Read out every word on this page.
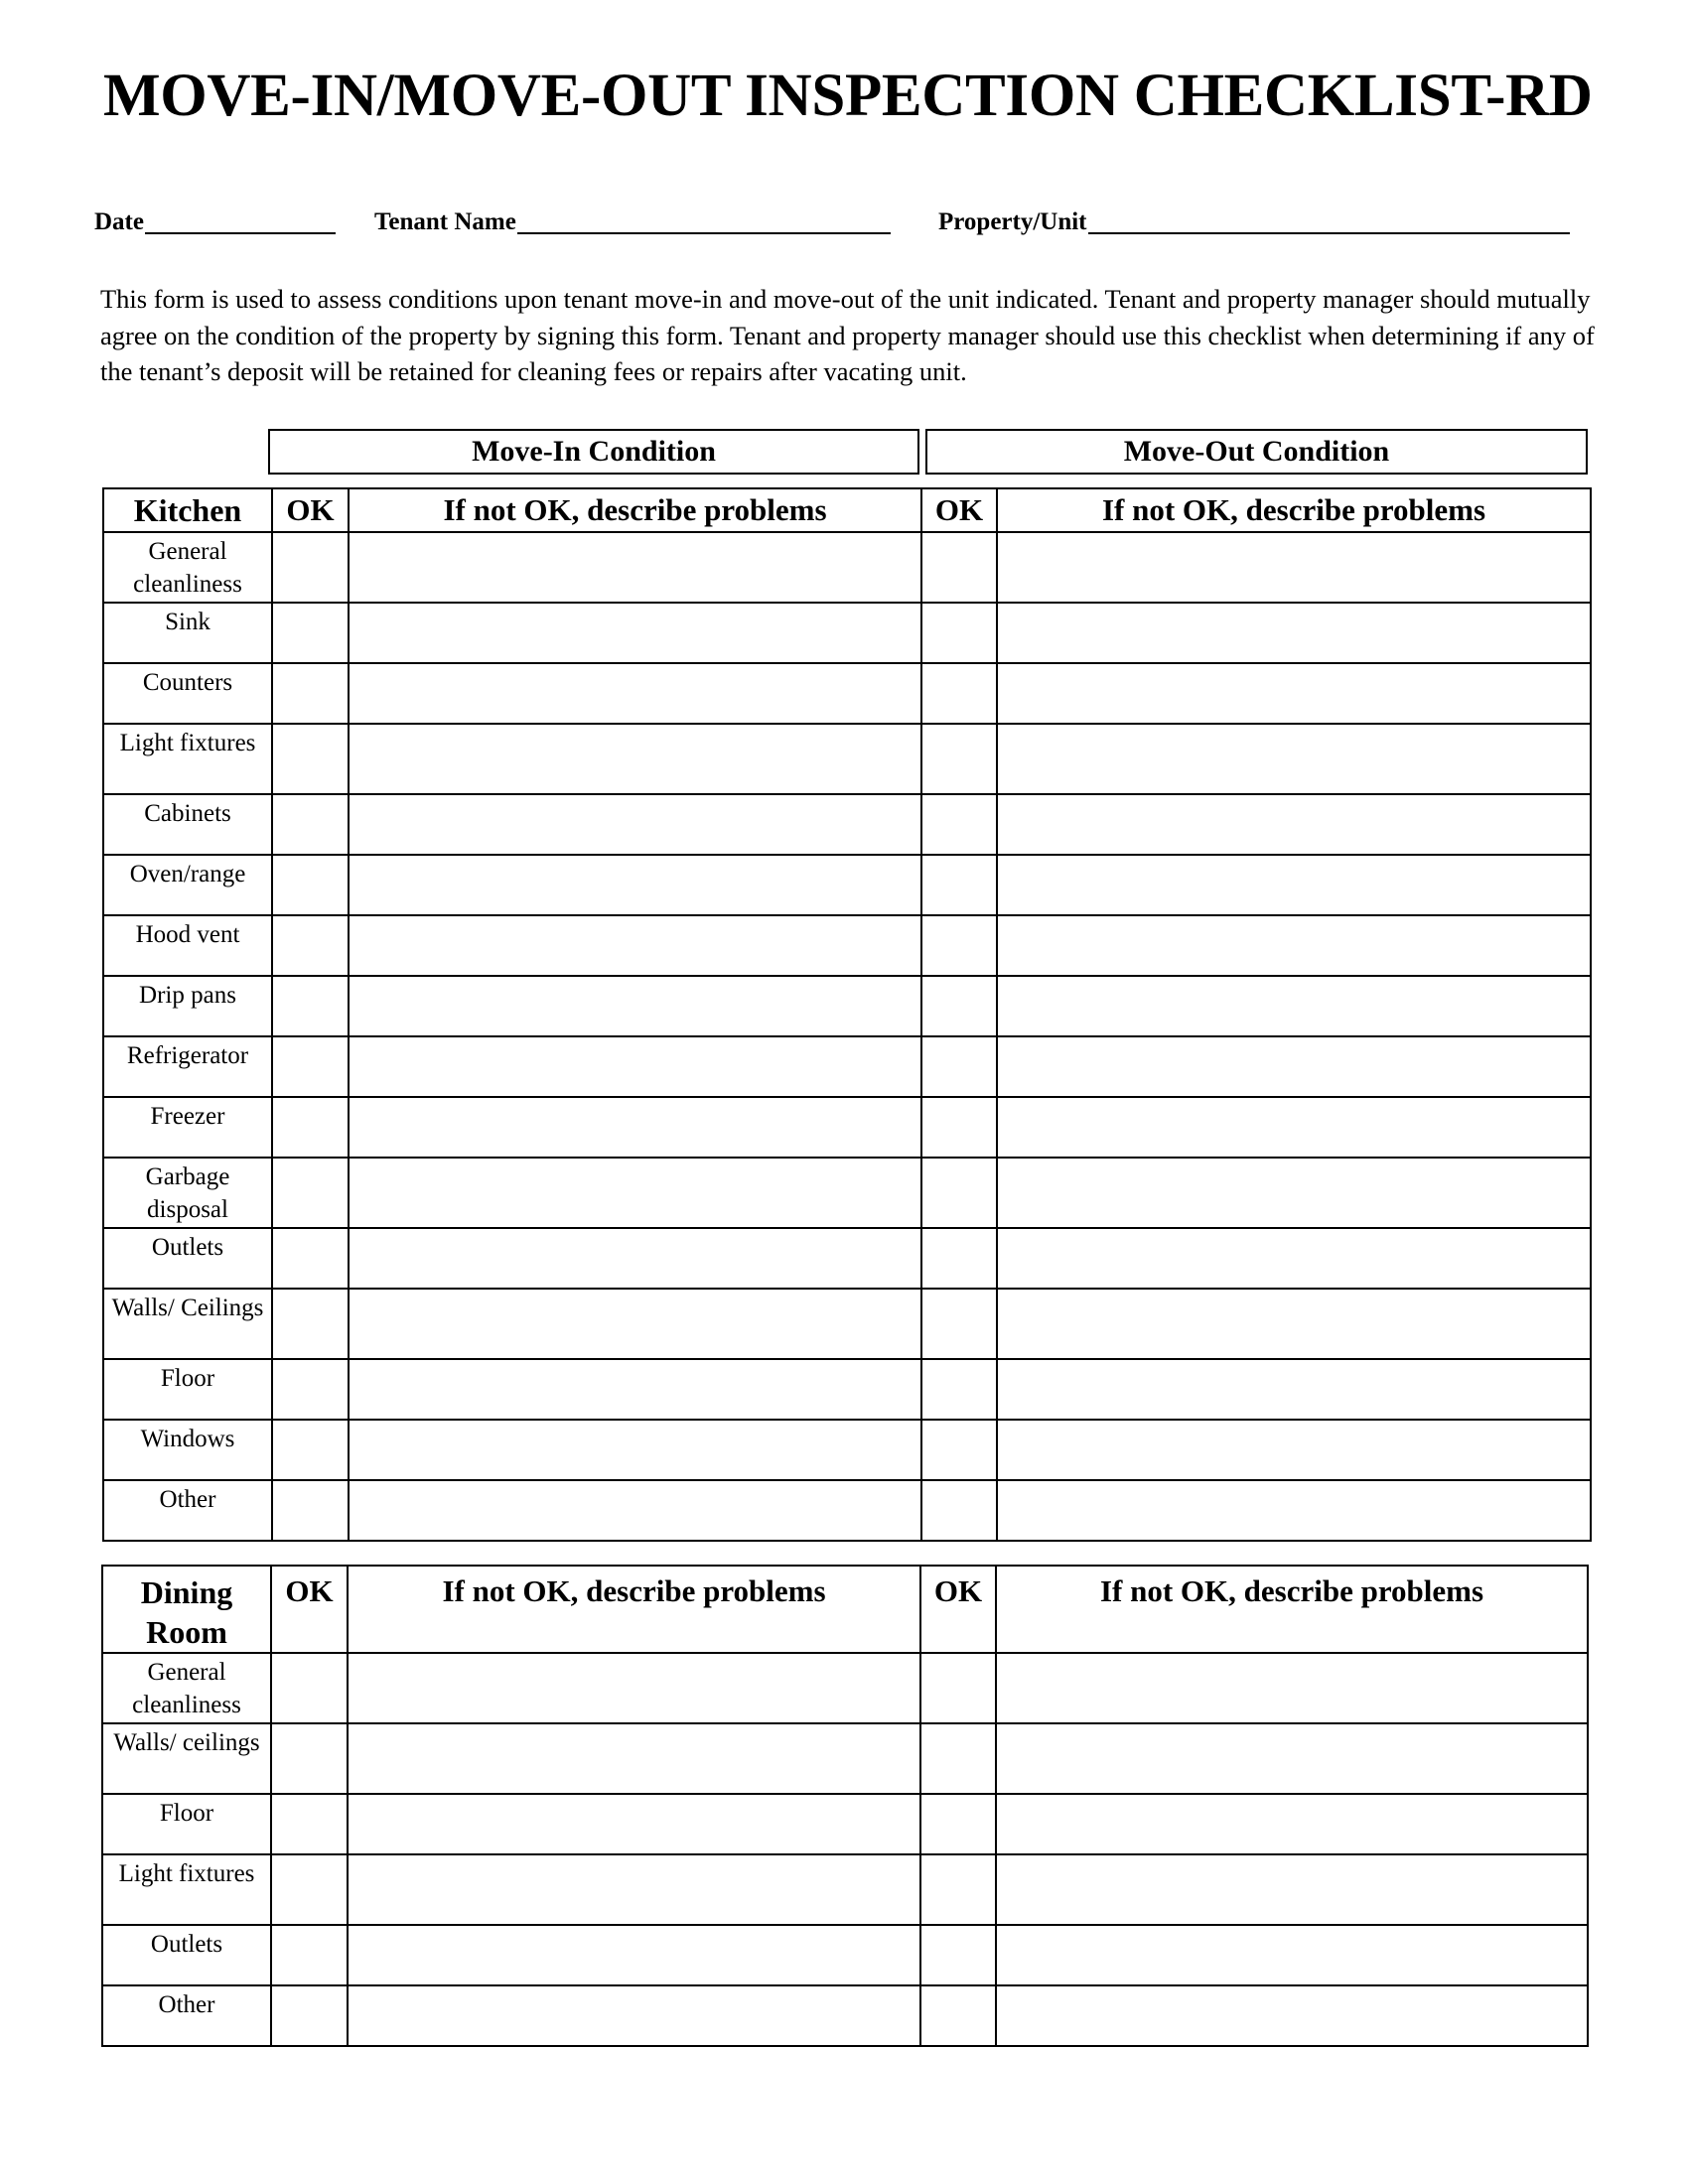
MOVE-IN/MOVE-OUT INSPECTION CHECKLIST-RD
Date	Tenant Name	Property/Unit
This form is used to assess conditions upon tenant move-in and move-out of the unit indicated. Tenant and property manager should mutually agree on the condition of the property by signing this form. Tenant and property manager should use this checklist when determining if any of the tenant’s deposit will be retained for cleaning fees or repairs after vacating unit.
Move-In Condition	Move-Out Condition
Kitchen	OK	If not OK, describe problems	OK	If not OK, describe problems
General cleanliness				
Sink				
Counters				
Light fixtures				
Cabinets				
Oven/range				
Hood vent				
Drip pans				
Refrigerator				
Freezer				
Garbage disposal				
Outlets				
Walls/ Ceilings				
Floor				
Windows				
Other				
Dining Room	OK	If not OK, describe problems	OK	If not OK, describe problems
General cleanliness				
Walls/ ceilings				
Floor				
Light fixtures				
Outlets				
Other				
